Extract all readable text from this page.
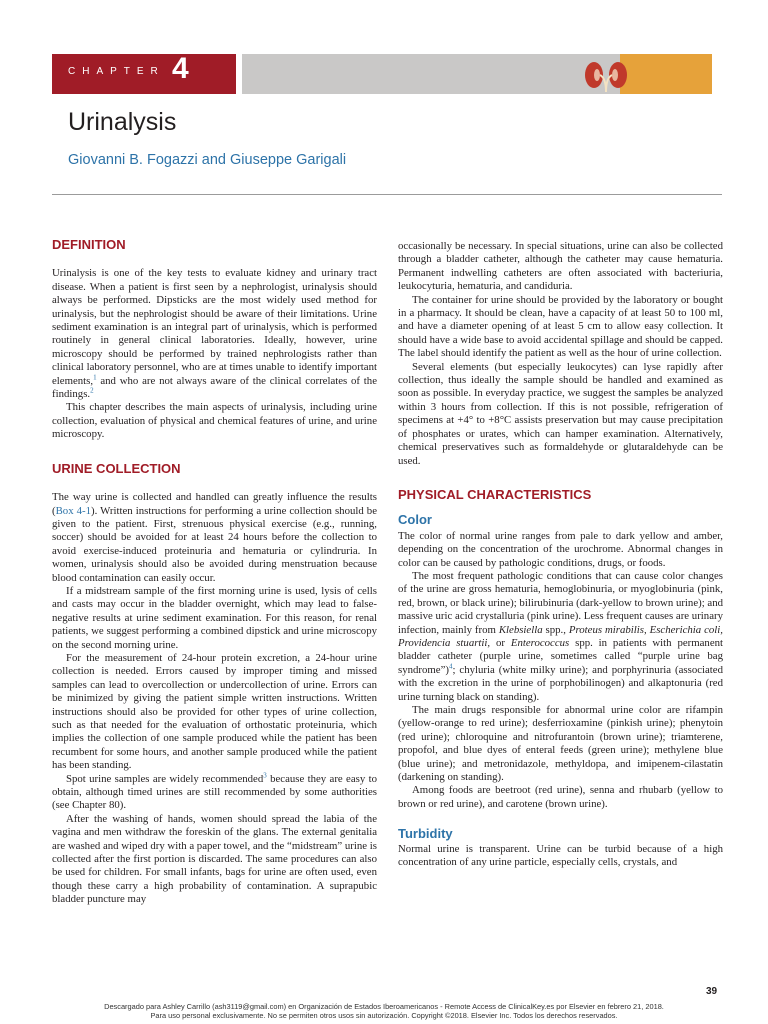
CHAPTER 4
Urinalysis
Giovanni B. Fogazzi and Giuseppe Garigali
DEFINITION

Urinalysis is one of the key tests to evaluate kidney and urinary tract disease. When a patient is first seen by a nephrologist, urinalysis should always be performed. Dipsticks are the most widely used method for urinalysis, but the nephrologist should be aware of their limitations. Urine sediment examination is an integral part of urinalysis, which is performed routinely in general clinical laboratories. Ideally, however, urine microscopy should be performed by trained nephrologists rather than clinical laboratory personnel, who are at times unable to identify important elements,$^1$ and who are not always aware of the clinical correlates of the findings.$^2$

This chapter describes the main aspects of urinalysis, including urine collection, evaluation of physical and chemical features of urine, and urine microscopy.

URINE COLLECTION

The way urine is collected and handled can greatly influence the results (Box 4-1). Written instructions for performing a urine collection should be given to the patient. First, strenuous physical exercise (e.g., running, soccer) should be avoided for at least 24 hours before the collection to avoid exercise-induced proteinuria and hematuria or cylindruria. In women, urinalysis should also be avoided during menstruation because blood contamination can easily occur.

If a midstream sample of the first morning urine is used, lysis of cells and casts may occur in the bladder overnight, which may lead to false-negative results at urine sediment examination. For this reason, for renal patients, we suggest performing a combined dipstick and urine microscopy on the second morning urine.

For the measurement of 24-hour protein excretion, a 24-hour urine collection is needed. Errors caused by improper timing and missed samples can lead to overcollection or undercollection of urine. Errors can be minimized by giving the patient simple written instructions. Written instructions should also be provided for other types of urine collection, such as that needed for the evaluation of orthostatic proteinuria, which implies the collection of one sample produced while the patient has been recumbent for some hours, and another sample produced while the patient has been standing.

Spot urine samples are widely recommended$^3$ because they are easy to obtain, although timed urines are still recommended by some authorities (see Chapter 80).

After the washing of hands, women should spread the labia of the vagina and men withdraw the foreskin of the glans. The external genitalia are washed and wiped dry with a paper towel, and the “midstream” urine is collected after the first portion is discarded. The same procedures can also be used for children. For small infants, bags for urine are often used, even though these carry a high probability of contamination. A suprapubic bladder puncture may

occasionally be necessary. In special situations, urine can also be collected through a bladder catheter, although the catheter may cause hematuria. Permanent indwelling catheters are often associated with bacteriuria, leukocyturia, hematuria, and candiduria.

The container for urine should be provided by the laboratory or bought in a pharmacy. It should be clean, have a capacity of at least 50 to 100 ml, and have a diameter opening of at least 5 cm to allow easy collection. It should have a wide base to avoid accidental spillage and should be capped. The label should identify the patient as well as the hour of urine collection.

Several elements (but especially leukocytes) can lyse rapidly after collection, thus ideally the sample should be handled and examined as soon as possible. In everyday practice, we suggest the samples be analyzed within 3 hours from collection. If this is not possible, refrigeration of specimens at +4° to +8°C assists preservation but may cause precipitation of phosphates or urates, which can hamper examination. Alternatively, chemical preservatives such as formaldehyde or glutaraldehyde can be used.

PHYSICAL CHARACTERISTICS
Color

The color of normal urine ranges from pale to dark yellow and amber, depending on the concentration of the urochrome. Abnormal changes in color can be caused by pathologic conditions, drugs, or foods.

The most frequent pathologic conditions that can cause color changes of the urine are gross hematuria, hemoglobinuria, or myoglobinuria (pink, red, brown, or black urine); bilirubinuria (dark-yellow to brown urine); and massive uric acid crystalluria (pink urine). Less frequent causes are urinary infection, mainly from Klebsiella spp., Proteus mirabilis, Escherichia coli, Providencia stuartii, or Enterococcus spp. in patients with permanent bladder catheter (purple urine, sometimes called “purple urine bag syndrome”)$^4$; chyluria (white milky urine); and porphyrinuria (associated with the excretion in the urine of porphobilinogen) and alkaptonuria (red urine turning black on standing).

The main drugs responsible for abnormal urine color are rifampin (yellow-orange to red urine); desferrioxamine (pinkish urine); phenytoin (red urine); chloroquine and nitrofurantoin (brown urine); triamterene, propofol, and blue dyes of enteral feeds (green urine); methylene blue (blue urine); and metronidazole, methyldopa, and imipenem-cilastatin (darkening on standing).

Among foods are beetroot (red urine), senna and rhubarb (yellow to brown or red urine), and carotene (brown urine).

Turbidity

Normal urine is transparent. Urine can be turbid because of a high concentration of any urine particle, especially cells, crystals, and

39
Descargado para Ashley Carrillo (ash3119@gmail.com) en Organización de Estados Iberoamericanos - Remote Access de ClinicalKey.es por Elsevier en febrero 21, 2018.
Para uso personal exclusivamente. No se permiten otros usos sin autorización. Copyright ©2018. Elsevier Inc. Todos los derechos reservados.
